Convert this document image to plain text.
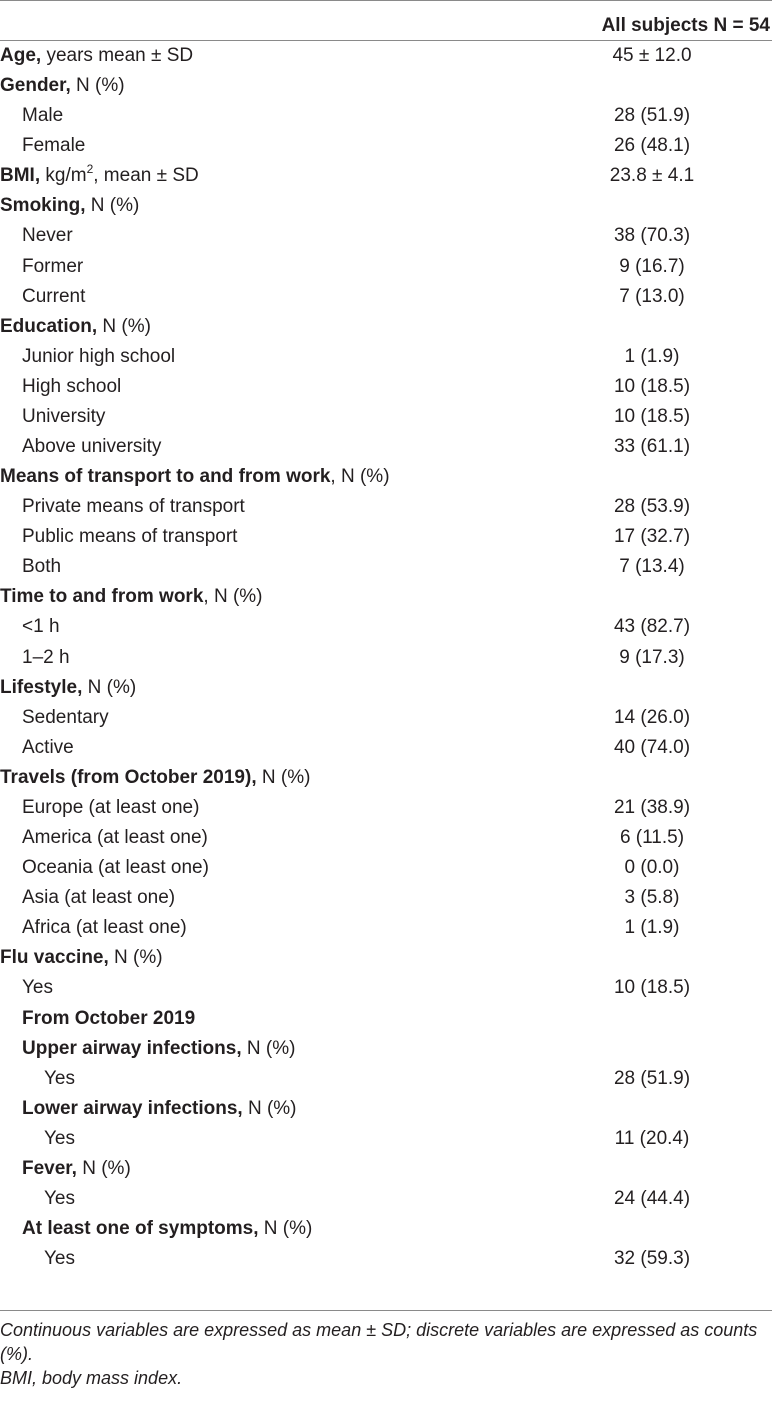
All subjects N = 54
Age, years mean ± SD	45 ± 12.0
Gender, N (%)
Male	28 (51.9)
Female	26 (48.1)
BMI, $kg/m^2$, mean ± SD	23.8 ± 4.1
Smoking, N (%)
Never	38 (70.3)
Former	9 (16.7)
Current	7 (13.0)
Education, N (%)
Junior high school	1 (1.9)
High school	10 (18.5)
University	10 (18.5)
Above university	33 (61.1)
Means of transport to and from work, N (%)
Private means of transport	28 (53.9)
Public means of transport	17 (32.7)
Both	7 (13.4)
Time to and from work, N (%)
<1 h	43 (82.7)
1–2 h	9 (17.3)
Lifestyle, N (%)
Sedentary	14 (26.0)
Active	40 (74.0)
Travels (from October 2019), N (%)
Europe (at least one)	21 (38.9)
America (at least one)	6 (11.5)
Oceania (at least one)	0 (0.0)
Asia (at least one)	3 (5.8)
Africa (at least one)	1 (1.9)
Flu vaccine, N (%)
Yes	10 (18.5)
From October 2019
Upper airway infections, N (%)
Yes	28 (51.9)
Lower airway infections, N (%)
Yes	11 (20.4)
Fever, N (%)
Yes	24 (44.4)
At least one of symptoms, N (%)
Yes	32 (59.3)

Continuous variables are expressed as mean ± SD; discrete variables are expressed as counts (%).

BMI, body mass index.
